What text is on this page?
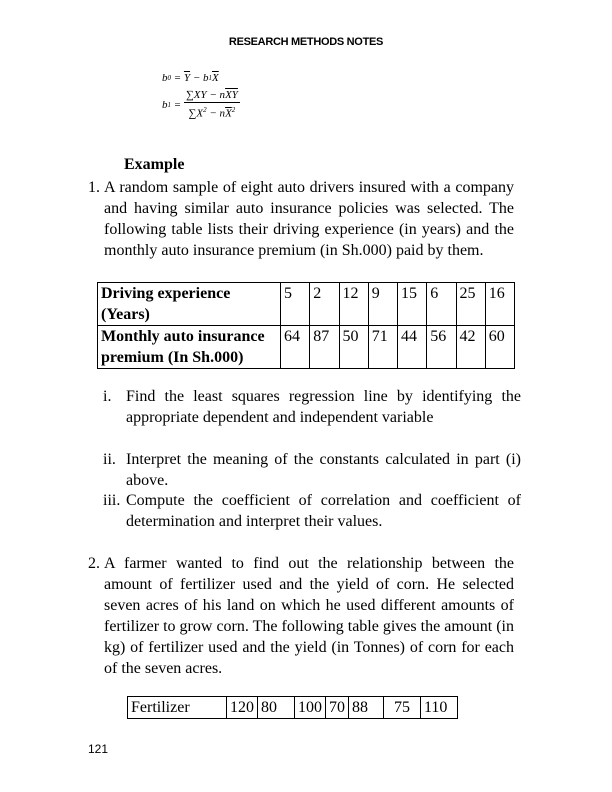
RESEARCH METHODS NOTES
b $0 = \overline{Y} - b$ 1 $\overline{X}$
b $1 = \frac{\sum XY - n\overline{XY}}{\sum X^2 - n\overline{X}^2}$
Example
1. A random sample of eight auto drivers insured with a company and having similar auto insurance policies was selected. The following table lists their driving experience (in years) and the monthly auto insurance premium (in Sh.000) paid by them.
Driving experience (Years)	5	2	12	9	15	6	25	16
Monthly auto insurance premium (In Sh.000)	64	87	50	71	44	56	42	60
i. Find the least squares regression line by identifying the appropriate dependent and independent variable
ii. Interpret the meaning of the constants calculated in part (i) above.
iii. Compute the coefficient of correlation and coefficient of determination and interpret their values.
2. A farmer wanted to find out the relationship between the amount of fertilizer used and the yield of corn. He selected seven acres of his land on which he used different amounts of fertilizer to grow corn. The following table gives the amount (in kg) of fertilizer used and the yield (in Tonnes) of corn for each of the seven acres.
Fertilizer	120	80	100	70	88	75	110
121
